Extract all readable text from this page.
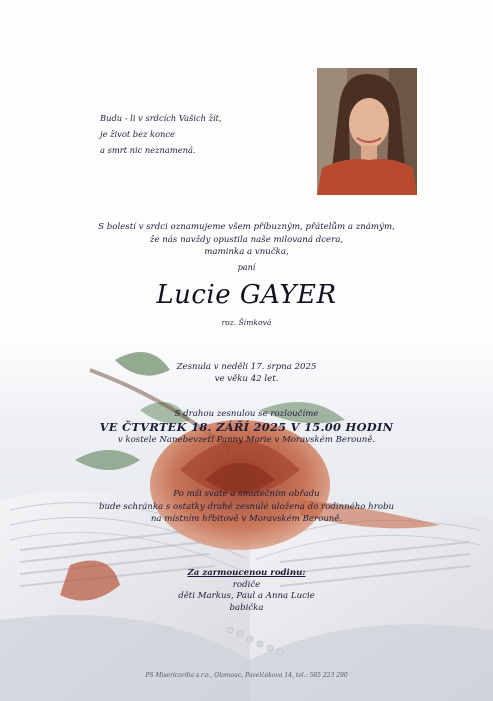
Budu - li v srdcích Vašich žít,
je život bez konce
a smrt nic neznamená.
S bolestí v srdci oznamujeme všem příbuzným, přátelům a známým,
že nás navždy opustila naše milovaná dcera,
maminka a vnučka,
paní
Lucie GAYER
roz. Šimková
Zesnula v neděli 17. srpna 2025
ve věku 42 let.
S drahou zesnulou se rozloučíme
VE ČTVRTEK 18. ZÁŘÍ 2025 V 15.00 HODIN
v kostele Nanebevzetí Panny Marie v Moravském Berouně.
Po mši svaté a smutečním obřadu
bude schránka s ostatky drahé zesnulé uložena do rodinného hrobu
na místním hřbitově v Moravském Berouně.
Za zarmoucenou rodinu:
rodiče
děti Markus, Paul a Anna Lucie
babička
PS Misericordia s.r.o., Olomouc, Pavelčákova 14, tel.: 585 223 290
